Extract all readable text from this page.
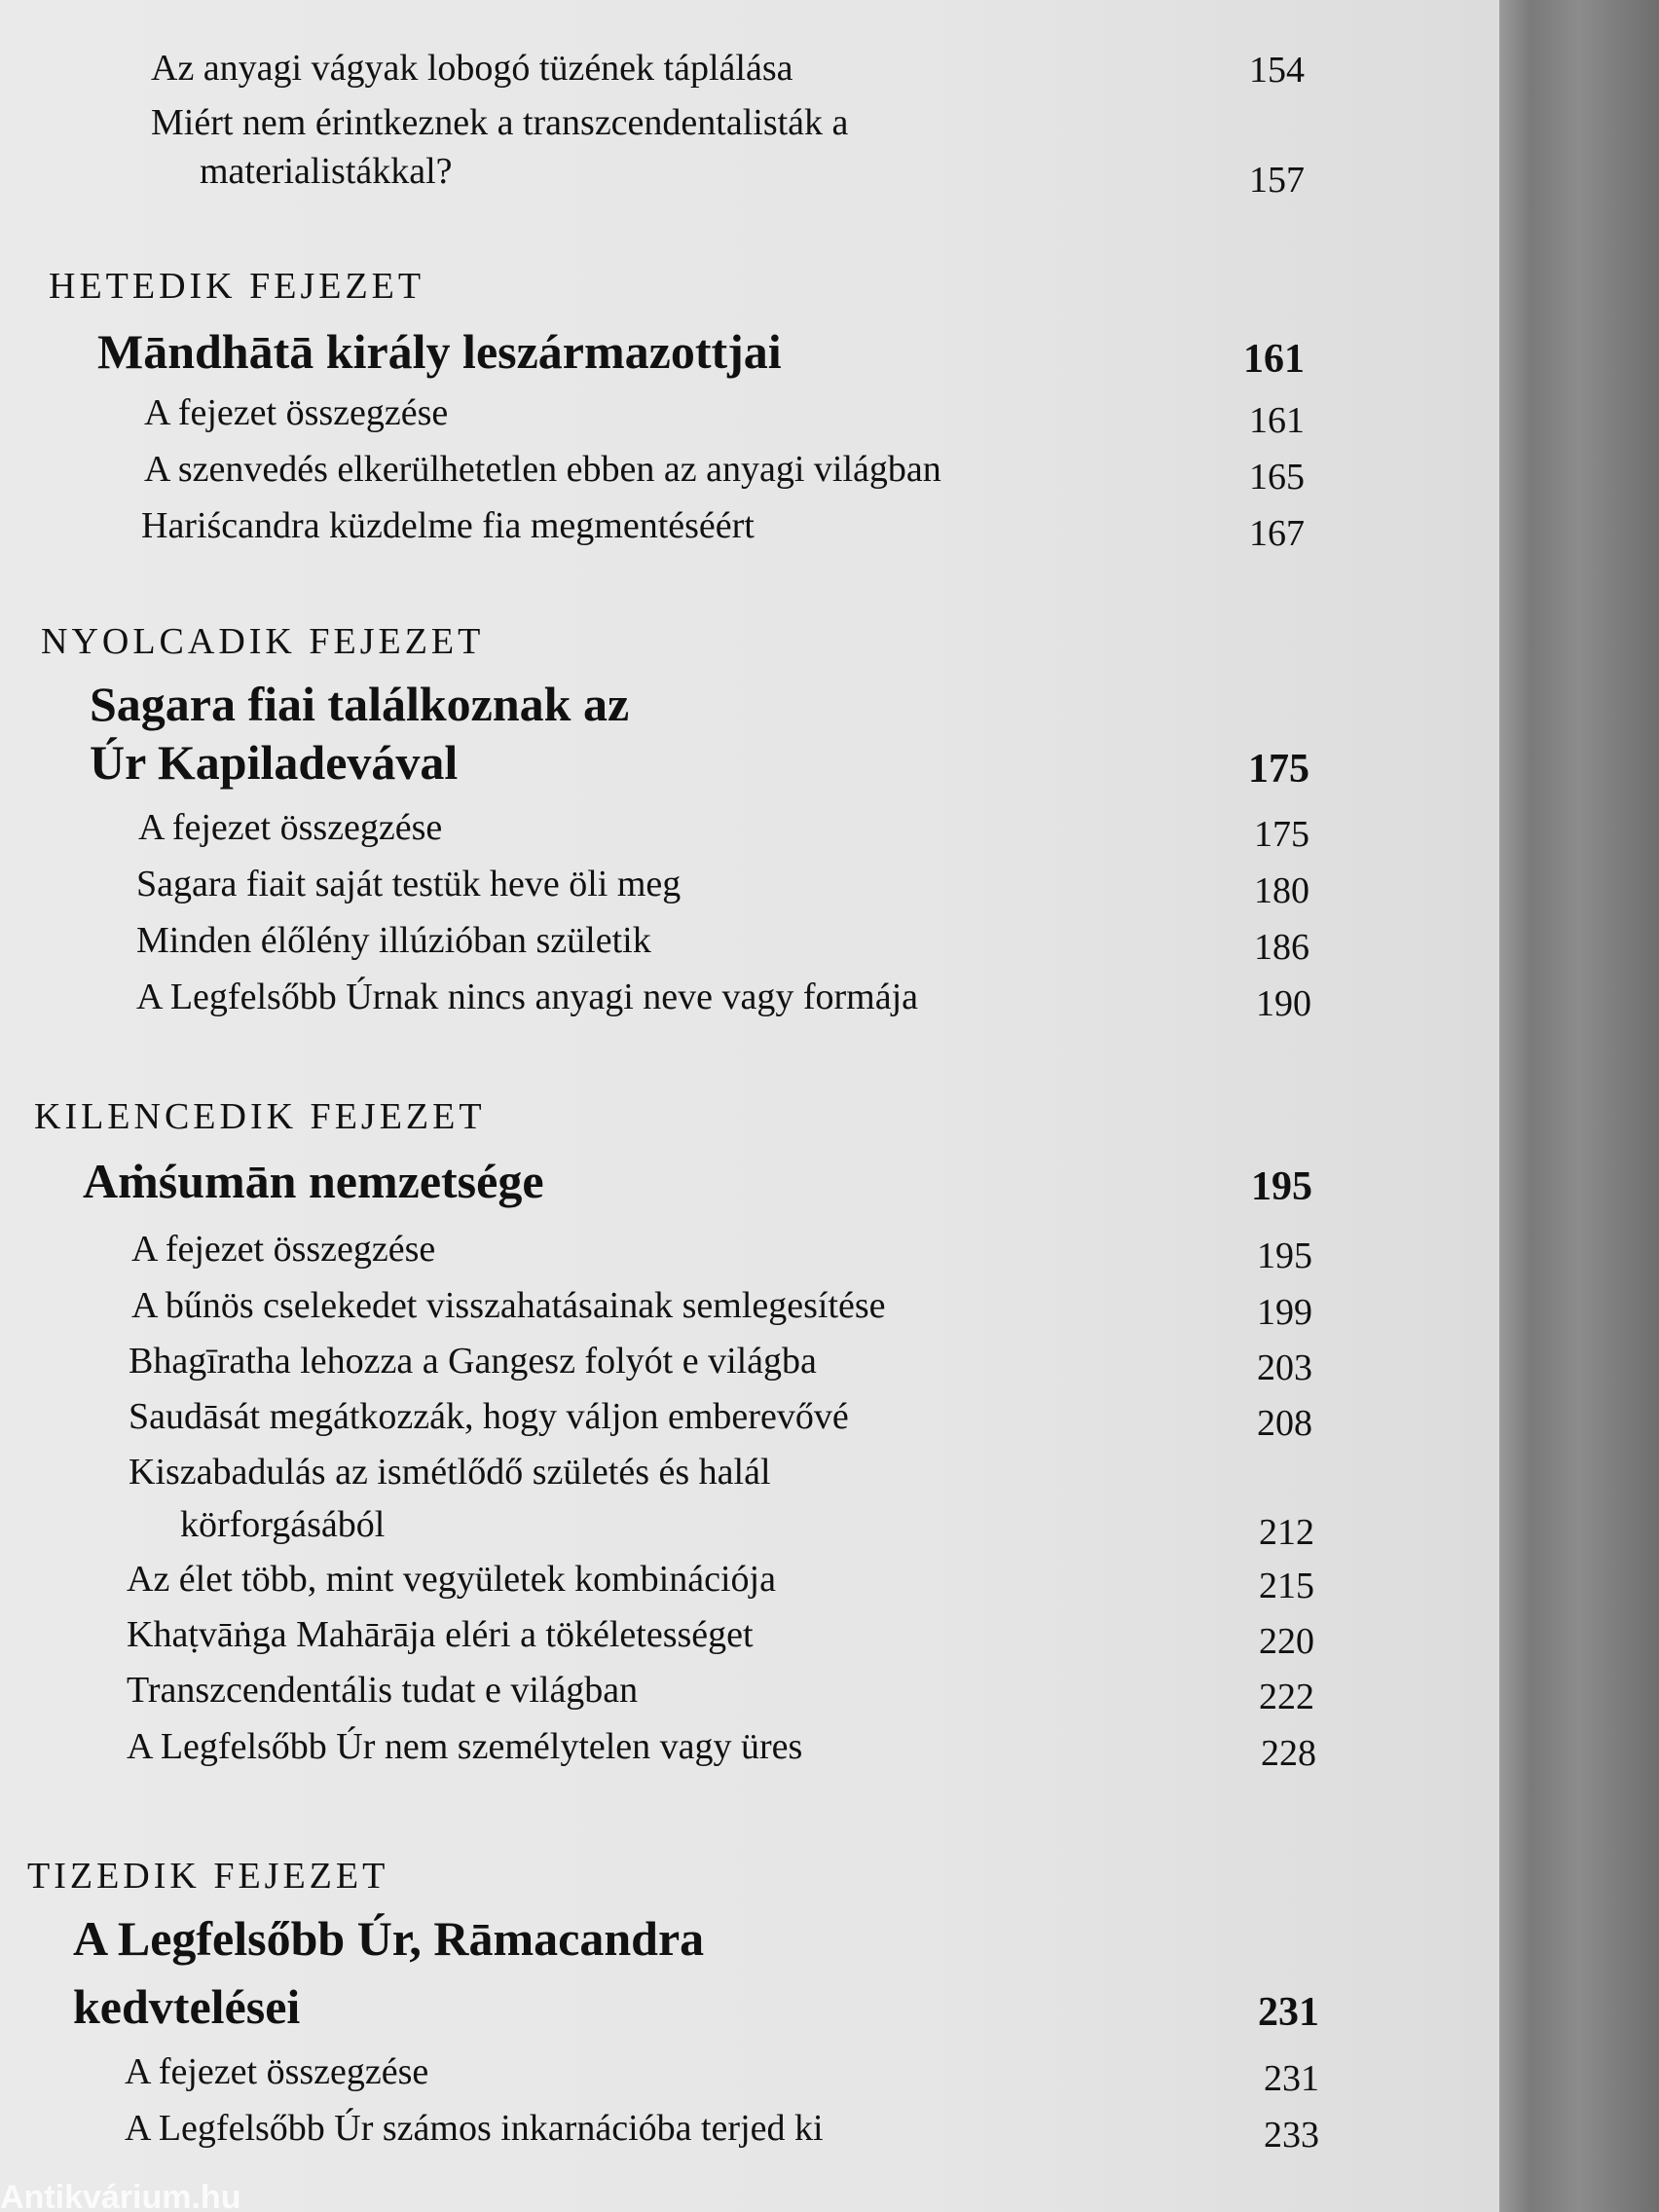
Az anyagi vágyak lobogó tüzének táplálása	154
Miért nem érintkeznek a transzcendentalisták a
materialistákkal?	157
HETEDIK FEJEZET
Māndhātā király leszármazottjai	161
A fejezet összegzése	161
A szenvedés elkerülhetetlen ebben az anyagi világban	165
Hariścandra küzdelme fia megmentéséért	167
NYOLCADIK FEJEZET
Sagara fiai találkoznak az
Úr Kapiladevával	175
A fejezet összegzése	175
Sagara fiait saját testük heve öli meg	180
Minden élőlény illúzióban születik	186
A Legfelsőbb Úrnak nincs anyagi neve vagy formája	190
KILENCEDIK FEJEZET
Aṁśumān nemzetsége	195
A fejezet összegzése	195
A bűnös cselekedet visszahatásainak semlegesítése	199
Bhagīratha lehozza a Gangesz folyót e világba	203
Saudāsát megátkozzák, hogy váljon emberevővé	208
Kiszabadulás az ismétlődő születés és halál
körforgásából	212
Az élet több, mint vegyületek kombinációja	215
Khaṭvāṅga Mahārāja eléri a tökéletességet	220
Transzcendentális tudat e világban	222
A Legfelsőbb Úr nem személytelen vagy üres	228
TIZEDIK FEJEZET
A Legfelsőbb Úr, Rāmacandra
kedvtelései	231
A fejezet összegzése	231
A Legfelsőbb Úr számos inkarnációba terjed ki	233
Antikvárium.hu
